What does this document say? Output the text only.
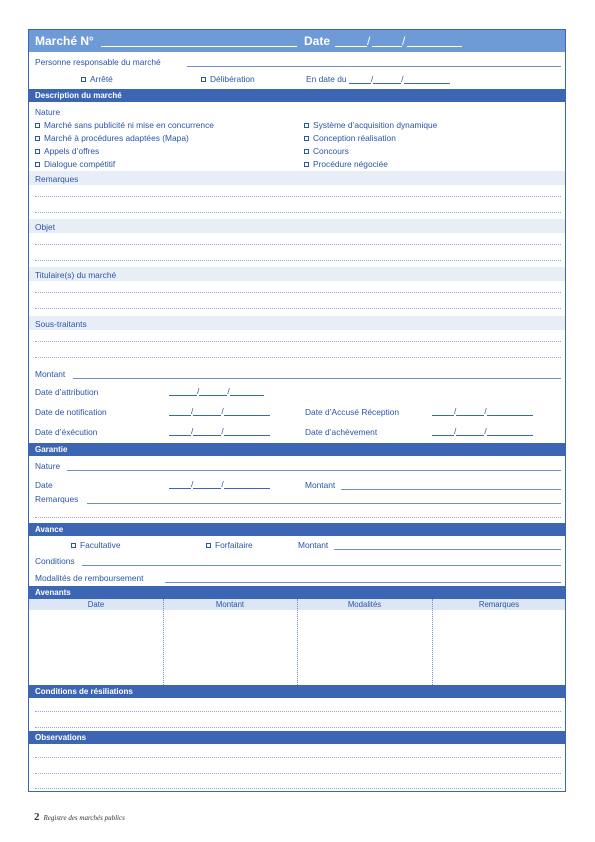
Marché N°	Date	/	/
Personne responsable du marché
Arrêté	Délibération	En date du	/	/
Description du marché
Nature
Marché sans publicité ni mise en concurrence
Marché à procédures adaptées (Mapa)
Appels d’offres
Dialogue compétitif
Système d’acquisition dynamique
Conception réalisation
Concours
Procédure négociée
Remarques
Objet
Titulaire(s) du marché
Sous-traitants
Montant
Date d’attribution	/	/
Date de notification	/	/	Date d’Accusé Réception	/	/
Date d’éxécution	/	/	Date d’achèvement	/	/
Garantie
Nature
Date	/	/	Montant
Remarques
Avance
Facultative	Forfaitaire	Montant
Conditions
Modalités de remboursement
Avenants
Date	Montant	Modalités	Remarques
Conditions de résiliations
Observations
2 Registre des marchés publics
